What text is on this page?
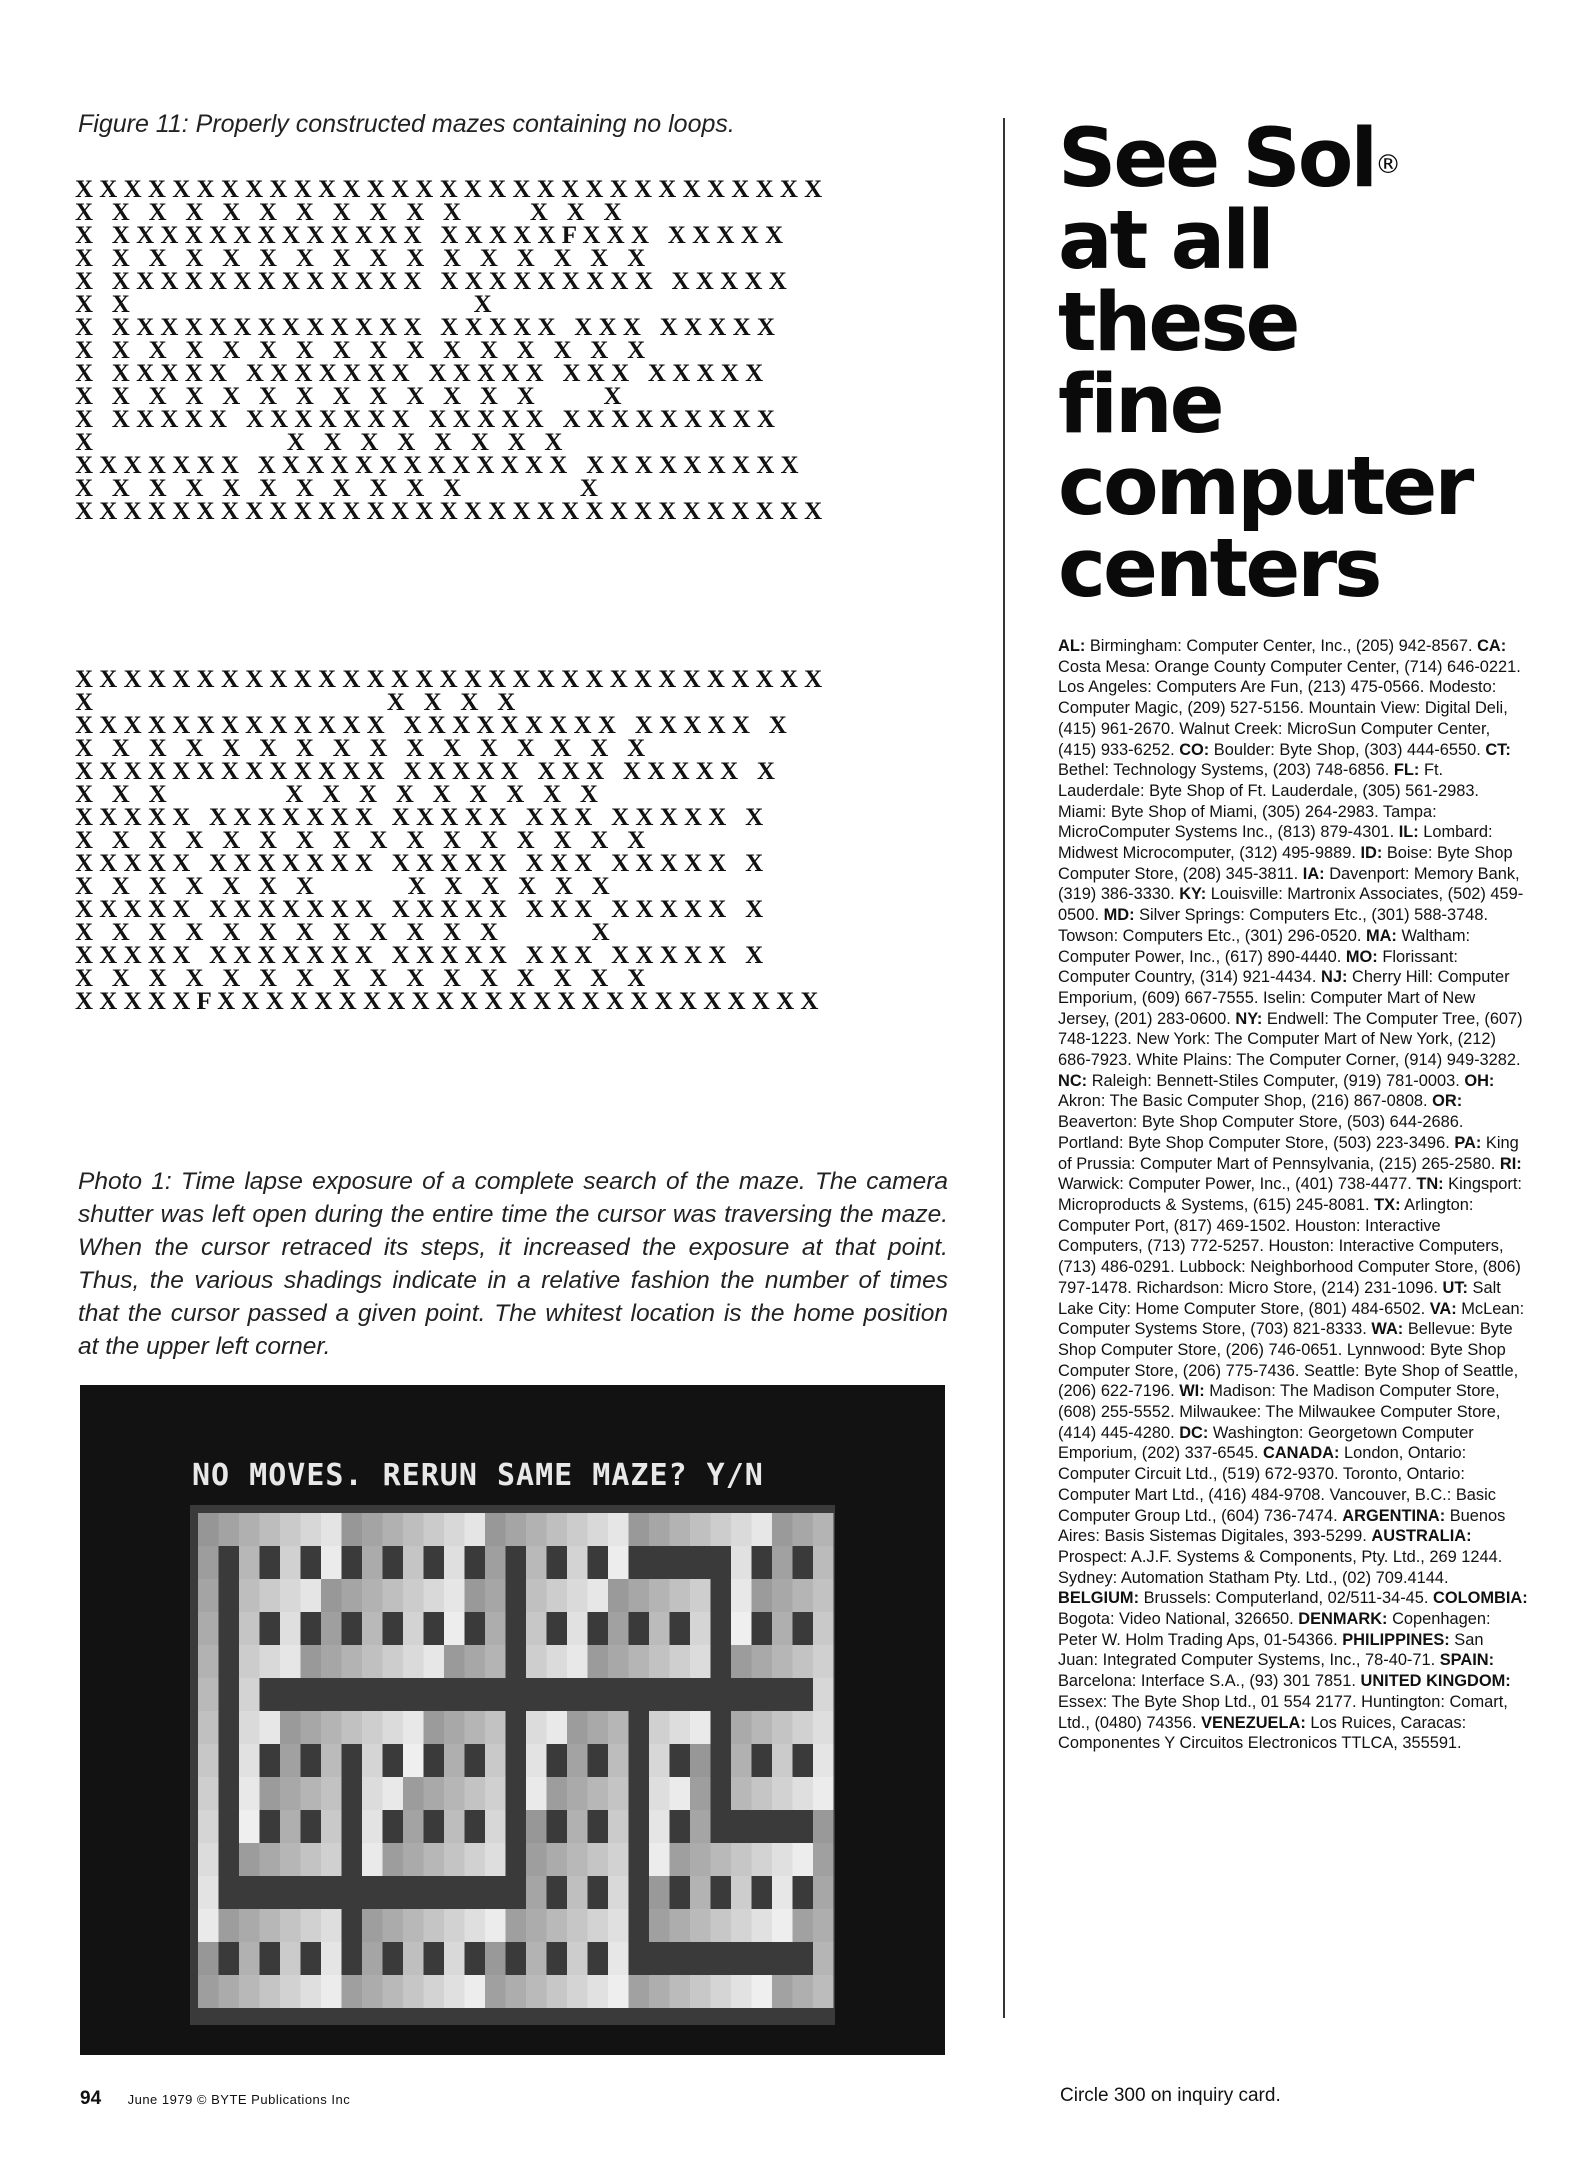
Figure 11: Properly constructed mazes containing no loops.

X X X X X X X X X X X X X X X X X X X X X X X X X X X X X X X
X   X   X   X   X   X   X   X   X   X   X           X   X   X
X   X X X X X X X X X X X X X   X X X X X F X X X   X X X X X
X   X   X   X   X   X   X   X   X   X   X   X   X   X   X   X
X   X X X X X X X X X X X X X   X X X X X X X X X   X X X X X
X   X                                                       X
X   X X X X X X X X X X X X X   X X X X X   X X X   X X X X X
X   X   X   X   X   X   X   X   X   X   X   X   X   X   X   X
X   X X X X X   X X X X X X X   X X X X X   X X X   X X X X X
X   X   X   X   X   X   X   X   X   X   X   X   X           X
X   X X X X X   X X X X X X X   X X X X X   X X X X X X X X X
X                               X   X   X   X   X   X   X   X
X X X X X X X   X X X X X X X X X X X X X   X X X X X X X X X
X   X   X   X   X   X   X   X   X   X   X                   X
X X X X X X X X X X X X X X X X X X X X X X X X X X X X X X X
X X X X X X X X X X X X X X X X X X X X X X X X X X X X X X X
X                                               X   X   X   X
X X X X X X X X X X X X X   X X X X X X X X X   X X X X X   X
X   X   X   X   X   X   X   X   X   X   X   X   X   X   X   X
X X X X X X X X X X X X X   X X X X X   X X X   X X X X X   X
X   X   X                   X   X   X   X   X   X   X   X   X
X X X X X   X X X X X X X   X X X X X   X X X   X X X X X   X
X   X   X   X   X   X   X   X   X   X   X   X   X   X   X   X
X X X X X   X X X X X X X   X X X X X   X X X   X X X X X   X
X   X   X   X   X   X   X               X   X   X   X   X   X
X X X X X   X X X X X X X   X X X X X   X X X   X X X X X   X
X   X   X   X   X   X   X   X   X   X   X   X               X
X X X X X   X X X X X X X   X X X X X   X X X   X X X X X   X
X   X   X   X   X   X   X   X   X   X   X   X   X   X   X   X
X X X X X F X X X X X X X X X X X X X X X X X X X X X X X X X

Photo 1: Time lapse exposure of a complete search of the maze. The camera shutter was left open during the entire time the cursor was traversing the maze. When the cursor retraced its steps, it increased the exposure at that point. Thus, the various shadings indicate in a relative fashion the number of times that the cursor passed a given point. The whitest location is the home position at the upper left corner.

NO MOVES. RERUN SAME MAZE? Y/N
See Sol®
at all these
fine
computer
centers
AL: Birmingham: Computer Center, Inc., (205) 942-8567. CA: Costa Mesa: Orange County Computer Center, (714) 646-0221. Los Angeles: Computers Are Fun, (213) 475-0566. Modesto: Computer Magic, (209) 527-5156. Mountain View: Digital Deli, (415) 961-2670. Walnut Creek: MicroSun Computer Center, (415) 933-6252. CO: Boulder: Byte Shop, (303) 444-6550. CT: Bethel: Technology Systems, (203) 748-6856. FL: Ft. Lauderdale: Byte Shop of Ft. Lauderdale, (305) 561-2983. Miami: Byte Shop of Miami, (305) 264-2983. Tampa: MicroComputer Systems Inc., (813) 879-4301. IL: Lombard: Midwest Microcomputer, (312) 495-9889. ID: Boise: Byte Shop Computer Store, (208) 345-3811. IA: Davenport: Memory Bank, (319) 386-3330. KY: Louisville: Martronix Associates, (502) 459-0500. MD: Silver Springs: Computers Etc., (301) 588-3748. Towson: Computers Etc., (301) 296-0520. MA: Waltham: Computer Power, Inc., (617) 890-4440. MO: Florissant: Computer Country, (314) 921-4434. NJ: Cherry Hill: Computer Emporium, (609) 667-7555. Iselin: Computer Mart of New Jersey, (201) 283-0600. NY: Endwell: The Computer Tree, (607) 748-1223. New York: The Computer Mart of New York, (212) 686-7923. White Plains: The Computer Corner, (914) 949-3282. NC: Raleigh: Bennett-Stiles Computer, (919) 781-0003. OH: Akron: The Basic Computer Shop, (216) 867-0808. OR: Beaverton: Byte Shop Computer Store, (503) 644-2686. Portland: Byte Shop Computer Store, (503) 223-3496. PA: King of Prussia: Computer Mart of Pennsylvania, (215) 265-2580. RI: Warwick: Computer Power, Inc., (401) 738-4477. TN: Kingsport: Microproducts & Systems, (615) 245-8081. TX: Arlington: Computer Port, (817) 469-1502. Houston: Interactive Computers, (713) 772-5257. Houston: Interactive Computers, (713) 486-0291. Lubbock: Neighborhood Computer Store, (806) 797-1478. Richardson: Micro Store, (214) 231-1096. UT: Salt Lake City: Home Computer Store, (801) 484-6502. VA: McLean: Computer Systems Store, (703) 821-8333. WA: Bellevue: Byte Shop Computer Store, (206) 746-0651. Lynnwood: Byte Shop Computer Store, (206) 775-7436. Seattle: Byte Shop of Seattle, (206) 622-7196. WI: Madison: The Madison Computer Store, (608) 255-5552. Milwaukee: The Milwaukee Computer Store, (414) 445-4280. DC: Washington: Georgetown Computer Emporium, (202) 337-6545. CANADA: London, Ontario: Computer Circuit Ltd., (519) 672-9370. Toronto, Ontario: Computer Mart Ltd., (416) 484-9708. Vancouver, B.C.: Basic Computer Group Ltd., (604) 736-7474. ARGENTINA: Buenos Aires: Basis Sistemas Digitales, 393-5299. AUSTRALIA: Prospect: A.J.F. Systems & Components, Pty. Ltd., 269 1244. Sydney: Automation Statham Pty. Ltd., (02) 709.4144. BELGIUM: Brussels: Computerland, 02/511-34-45. COLOMBIA: Bogota: Video National, 326650. DENMARK: Copenhagen: Peter W. Holm Trading Aps, 01-54366. PHILIPPINES: San Juan: Integrated Computer Systems, Inc., 78-40-71. SPAIN: Barcelona: Interface S.A., (93) 301 7851. UNITED KINGDOM: Essex: The Byte Shop Ltd., 01 554 2177. Huntington: Comart, Ltd., (0480) 74356. VENEZUELA: Los Ruices, Caracas: Componentes Y Circuitos Electronicos TTLCA, 355591.
Circle 300 on inquiry card.
94 June 1979 © BYTE Publications Inc
